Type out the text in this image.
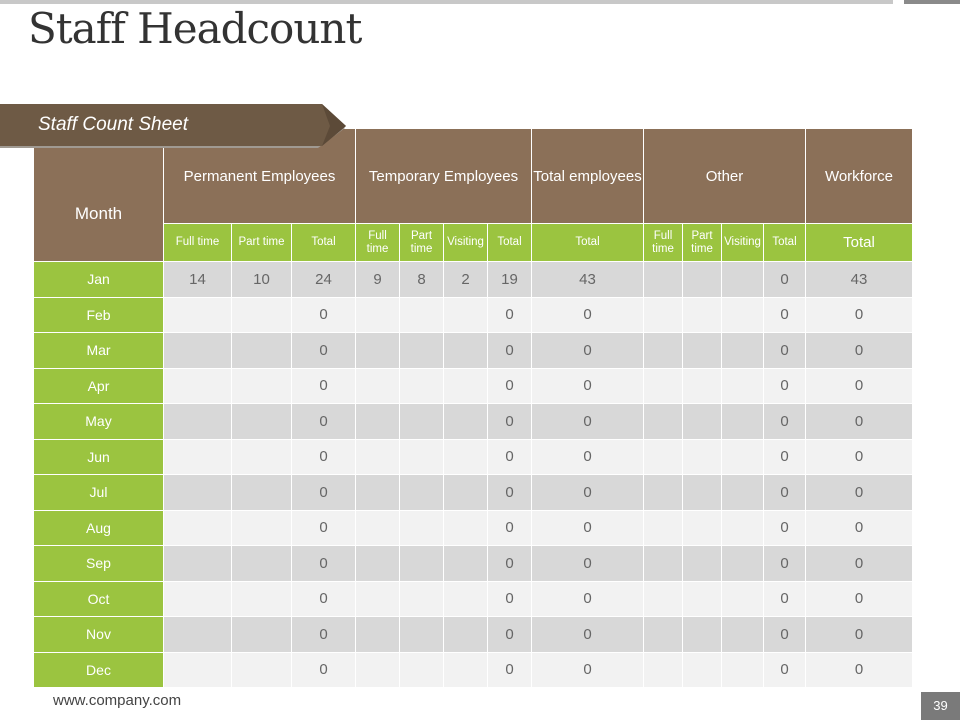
Staff Headcount
Month	Permanent Employees			Temporary Employees				Total employees	Other				Workforce
	Full time	Part time	Total	Full time	Part time	Visiting	Total	Total	Full time	Part time	Visiting	Total	Total
Jan	14	10	24	9	8	2	19	43				0	43
Feb			0				0	0				0	0
Mar			0				0	0				0	0
Apr			0				0	0				0	0
May			0				0	0				0	0
Jun			0				0	0				0	0
Jul			0				0	0				0	0
Aug			0				0	0				0	0
Sep			0				0	0				0	0
Oct			0				0	0				0	0
Nov			0				0	0				0	0
Dec			0				0	0				0	0
Staff Count Sheet
www.company.com	39
